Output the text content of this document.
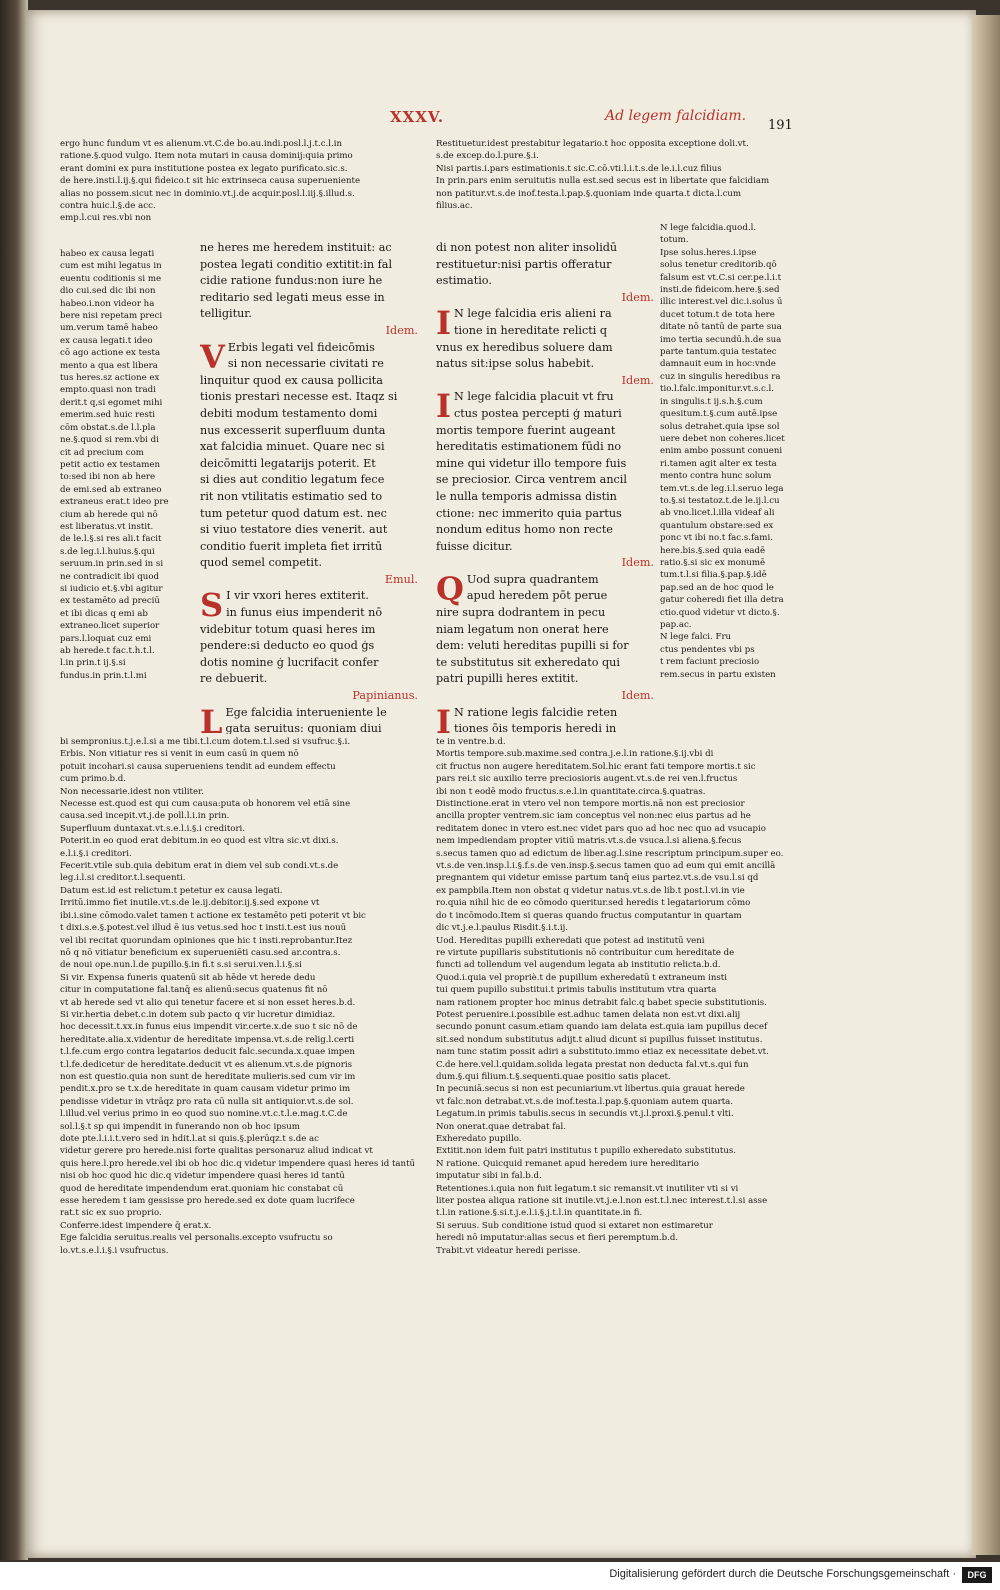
XXXV.	Ad legem falcidiam.
191

ergo hunc fundum vt es alienum.vt.C.de bo.au.indi.posl.l.j.t.c.l.in

ratione.§.quod vulgo. Item nota mutari in causa dominij:quia primo

erant domini ex pura institutione postea ex legato purificato.sic.s.

de here.insti.l.ij.§.qui fideico.t sit hic extrinseca causa superueniente

alias no possem.sicut nec in dominio.vt.j.de acquir.posl.l.iij.§.illud.s.

contra huic.l.§.de acc.

emp.l.cui res.vbi non

habeo ex causa legati

cum est mihi legatus in

euentu coditionis si me

dio cui.sed dic ibi non

habeo.i.non videor ha

bere nisi repetam preci

um.verum tamē habeo

ex causa legati.t ideo

cō ago actione ex testa

mento a qua est libera

tus heres.sz actione ex

empto.quasi non tradi

derit.t q,si egomet mihi

emerim.sed huic resti

cōm obstat.s.de l.l.pla

ne.§.quod si rem.vbi di

cit ad precium com

petit actio ex testamen

to:sed ibi non ab here

de emi.sed ab extraneo

extraneus erat.t ideo pre

cium ab herede qui nō

est liberatus.vt instit.

de le.l.§.si res ali.t facit

s.de leg.i.l.huius.§.qui

seruum.in prin.sed in si

ne contradicit ibi quod

si iudicio et.§.vbi agitur

ex testamēto ad preciū

et ibi dicas q emi ab

extraneo.licet superior

pars.l.loquat cuz emi

ab herede.t fac.t.h.t.l.

l.in prin.t ij.§.si

fundus.in prin.t.l.mi

ne heres me heredem instituit: ac

postea legati conditio extitit:in fal

cidie ratione fundus:non iure he

reditario sed legati meus esse in

telligitur.

Idem.

V Erbis legati vel fideicōmis

si non necessarie civitati re

linquitur quod ex causa pollicita

tionis prestari necesse est. Itaqz si

debiti modum testamento domi

nus excesserit superfluum dunta

xat falcidia minuet. Quare nec si

deicōmitti legatarijs poterit. Et

si dies aut conditio legatum fece

rit non vtilitatis estimatio sed to

tum petetur quod datum est. nec

si viuo testatore dies venerit. aut

conditio fuerit impleta fiet irritū

quod semel competit.

Emul.

S I vir vxori heres extiterit.

in funus eius impenderit nō

videbitur totum quasi heres im

pendere:si deducto eo quod ģs

dotis nomine ģ lucrifacit confer

re debuerit.

Papinianus.

L Ege falcidia interueniente le

gata seruitus: quoniam diui

Restituetur.idest prestabitur legatario.t hoc opposita exceptione doli.vt.

s.de excep.do.l.pure.§.i.

Nisi partis.i.pars estimationis.t sic.C.cō.vti.l.i.t.s.de le.i.l.cuz filius

In prin.pars enim seruitutis nulla est.sed secus est in libertate que falcidiam

non patitur.vt.s.de inof.testa.l.pap.§.quoniam inde quarta.t dicta.l.cum

filius.ac.

di non potest non aliter insolidū

restituetur:nisi partis offeratur

estimatio.

Idem.

I N lege falcidia eris alieni ra

tione in hereditate relicti q

vnus ex heredibus soluere dam

natus sit:ipse solus habebit.

Idem.

I N lege falcidia placuit vt fru

ctus postea percepti ģ maturi

mortis tempore fuerint augeant

hereditatis estimationem fūdi no

mine qui videtur illo tempore fuis

se preciosior. Circa ventrem ancil

le nulla temporis admissa distin

ctione: nec immerito quia partus

nondum editus homo non recte

fuisse dicitur.

Idem.

Q Uod supra quadrantem

apud heredem pōt perue

nire supra dodrantem in pecu

niam legatum non onerat here

dem: veluti hereditas pupilli si for

te substitutus sit exheredato qui

patri pupilli heres extitit.

Idem.

I N ratione legis falcidie reten

tiones ōis temporis heredi in

N lege falcidia.quod.l.

totum.

Ipse solus.heres.i.ipse

solus tenetur creditorib.qō

falsum est vt.C.si cer.pe.l.i.t

insti.de fideicom.here.§.sed

illic interest.vel dic.i.solus ū

ducet totum.t de tota here

ditate nō tantū de parte sua

imo tertia secundū.h.de sua

parte tantum.quia testatec

damnauit eum in hoc:vnde

cuz in singulis heredibus ra

tio.l.falc.imponitur.vt.s.c.l.

in singulis.t ij.s.h.§.cum

quesitum.t.§.cum autē.ipse

solus detrahet.quia ipse sol

uere debet non coheres.licet

enim ambo possunt conueni

ri.tamen agit alter ex testa

mento contra hunc solum

tem.vt.s.de leg.i.l.seruo lega

to.§.si testatoz.t.de le.ij.l.cu

ab vno.licet.l.illa videaf ali

quantulum obstare:sed ex

ponc vt ibi no.t fac.s.fami.

here.bis.§.sed quia eadē

ratio.§.si sic ex monumē

tum.t.l.si filia.§.pap.§.idē

pap.sed an de hoc quod le

gatur coheredi fiet illa detra

ctio.quod videtur vt dicto.§.

pap.ac.

N lege falci. Fru

ctus pendentes vbi ps

t rem faciunt preciosio

rem.secus in partu existen

bi sempronius.t.j.e.l.si a me tibi.t.l.cum dotem.t.l.sed si vsufruc.§.i.

Erbis. Non vitiatur res si venit in eum casū in quem nō

potuit incohari.si causa superueniens tendit ad eundem effectu

cum primo.b.d.

Non necessarie.idest non vtiliter.

Necesse est.quod est qui cum causa:puta ob honorem vel etiā sine

causa.sed incepit.vt.j.de poll.l.i.in prin.

Superfluum duntaxat.vt.s.e.l.i.§.i creditori.

Poterit.in eo quod erat debitum.in eo quod est vltra sic.vt dixi.s.

e.l.i.§.i creditori.

Fecerit.vtile sub.quia debitum erat in diem vel sub condi.vt.s.de

leg.i.l.si creditor.t.l.sequenti.

Datum est.id est relictum.t petetur ex causa legati.

Irritū.immo fiet inutile.vt.s.de le.ij.debitor.ij.§.sed expone vt

ibi.i.sine cōmodo.valet tamen t actione ex testamēto peti poterit vt bic

t dixi.s.e.§.potest.vel illud ē ius vetus.sed hoc t insti.t.est ius nouū

vel ibi recitat quorundam opiniones que hic t insti.reprobantur.Itez

nō q nō vitiatur beneficium ex superueniēti casu.sed ar.contra.s.

de noui ope.nun.l.de pupillo.§.in fi.t s.si serui.ven.l.i.§.si

Si vir. Expensa funeris quatenū sit ab hēde vt herede dedu

citur in computatione fal.tanq̄ es alienū:secus quatenus fit nō

vt ab herede sed vt alio qui tenetur facere et si non esset heres.b.d.

Si vir.hertia debet.c.in dotem sub pacto q vir lucretur dimidiaz.

hoc decessit.t.xx.in funus eius impendit vir.certe.x.de suo t sic nō de

hereditate.alia.x.videntur de hereditate impensa.vt.s.de relig.l.certi

t.l.fe.cum ergo contra legatarios deducit falc.secunda.x.quae impen

t.l.fe.dedicetur de hereditate.deducit vt es alienum.vt.s.de pignoris

non est questio.quia non sunt de hereditate mulieris.sed cum vir im

pendit.x.pro se t.x.de hereditate in quam causam videtur primo im

pendisse videtur in vtrāqz pro rata cū nulla sit antiquior.vt.s.de sol.

l.illud.vel verius primo in eo quod suo nomine.vt.c.t.l.e.mag.t.C.de

sol.l.§.t sp qui impendit in funerando non ob hoc ipsum

dote pte.l.i.i.t.vero sed in hdit.l.at si quis.§.plerūqz.t s.de ac

videtur gerere pro herede.nisi forte qualitas personaruz aliud indicat vt

quis here.l.pro herede.vel ibi ob hoc dic.q videtur impendere quasi heres id tantū

nisi ob hoc quod hic dic.q videtur impendere quasi heres id tantū

quod de hereditate impendendum erat.quoniam hic constabat cū

esse heredem t iam gessisse pro herede.sed ex dote quam lucrifece

rat.t sic ex suo proprio.

Conferre.idest impendere q̄ erat.x.

Ege falcidia seruitus.realis vel personalis.excepto vsufructu so

lo.vt.s.e.l.i.§.i vsufructus.

te in ventre.b.d.

Mortis tempore.sub.maxime.sed contra.j.e.l.in ratione.§.ij.vbi di

cit fructus non augere hereditatem.Sol.hic erant fati tempore mortis.t sic

pars rei.t sic auxilio terre preciosioris augent.vt.s.de rei ven.l.fructus

ibi non t eodē modo fructus.s.e.l.in quantitate.circa.§.quatras.

Distinctione.erat in vtero vel non tempore mortis.nā non est preciosior

ancilla propter ventrem.sic iam conceptus vel non:nec eius partus ad he

reditatem donec in vtero est.nec videt pars quo ad hoc nec quo ad vsucapio

nem impediendam propter vitiū matris.vt.s.de vsuca.l.si aliena.§.fecus

s.secus tamen quo ad edictum de liber.ag.l.sine rescriptum principum.super eo.

vt.s.de ven.insp.l.i.§.f.s.de ven.insp.§.secus tamen quo ad eum qui emit ancillā

pregnantem qui videtur emisse partum tanq̄ eius partez.vt.s.de vsu.l.si qd

ex pampbila.Item non obstat q videtur natus.vt.s.de lib.t post.l.vi.in vie

ro.quia nihil hic de eo cōmodo queritur.sed heredis t legatariorum cōmo

do t incōmodo.Item si queras quando fructus computantur in quartam

dic vt.j.e.l.paulus Risdit.§.i.t.ij.

Uod. Hereditas pupilli exheredati que potest ad institutū veni

re virtute pupillaris substitutionis nō contribuitur cum hereditate de

functi ad tollendum vel augendum legata ab institutio relicta.b.d.

Quod.i.quia vel propriè.t de pupillum exheredatū t extraneum insti

tui quem pupillo substitui.t primis tabulis institutum vtra quarta

nam rationem propter hoc minus detrabit falc.q babet specie substitutionis.

Potest peruenire.i.possibile est.adhuc tamen delata non est.vt dixi.alij

secundo ponunt casum.etiam quando iam delata est.quia iam pupillus decef

sit.sed nondum substitutus adijt.t aliud dicunt si pupillus fuisset institutus.

nam tunc statim possit adiri a substituto.immo etiaz ex necessitate debet.vt.

C.de here.vel.l.quidam.solida legata prestat non deducta fal.vt.s.qui fun

dum.§.qui filium.t.§.sequenti.quae positio satis placet.

In pecuniā.secus si non est pecuniarium.vt libertus.quia grauat herede

vt falc.non detrabat.vt.s.de inof.testa.l.pap.§.quoniam autem quarta.

Legatum.in primis tabulis.secus in secundis vt.j.l.proxi.§.penul.t vlti.

Non onerat.quae detrabat fal.

Exheredato pupillo.

Extitit.non idem fuit patri institutus t pupillo exheredato substitutus.

N ratione. Quicquid remanet apud heredem iure hereditario

imputatur sibi in fal.b.d.

Retentiones.i.quia non fuit legatum.t sic remansit.vt inutiliter vti si vi

liter postea aliqua ratione sit inutile.vt.j.e.l.non est.t.l.nec interest.t.l.si asse

t.l.in ratione.§.si.t.j.e.l.i.§.j.t.l.in quantitate.in fi.

Si seruus. Sub conditione istud quod si extaret non estimaretur

heredi nō imputatur:alias secus et fieri peremptum.b.d.

Trabit.vt videatur heredi perisse.

Digitalisierung gefördert durch die Deutsche Forschungsgemeinschaft ·	DFG
